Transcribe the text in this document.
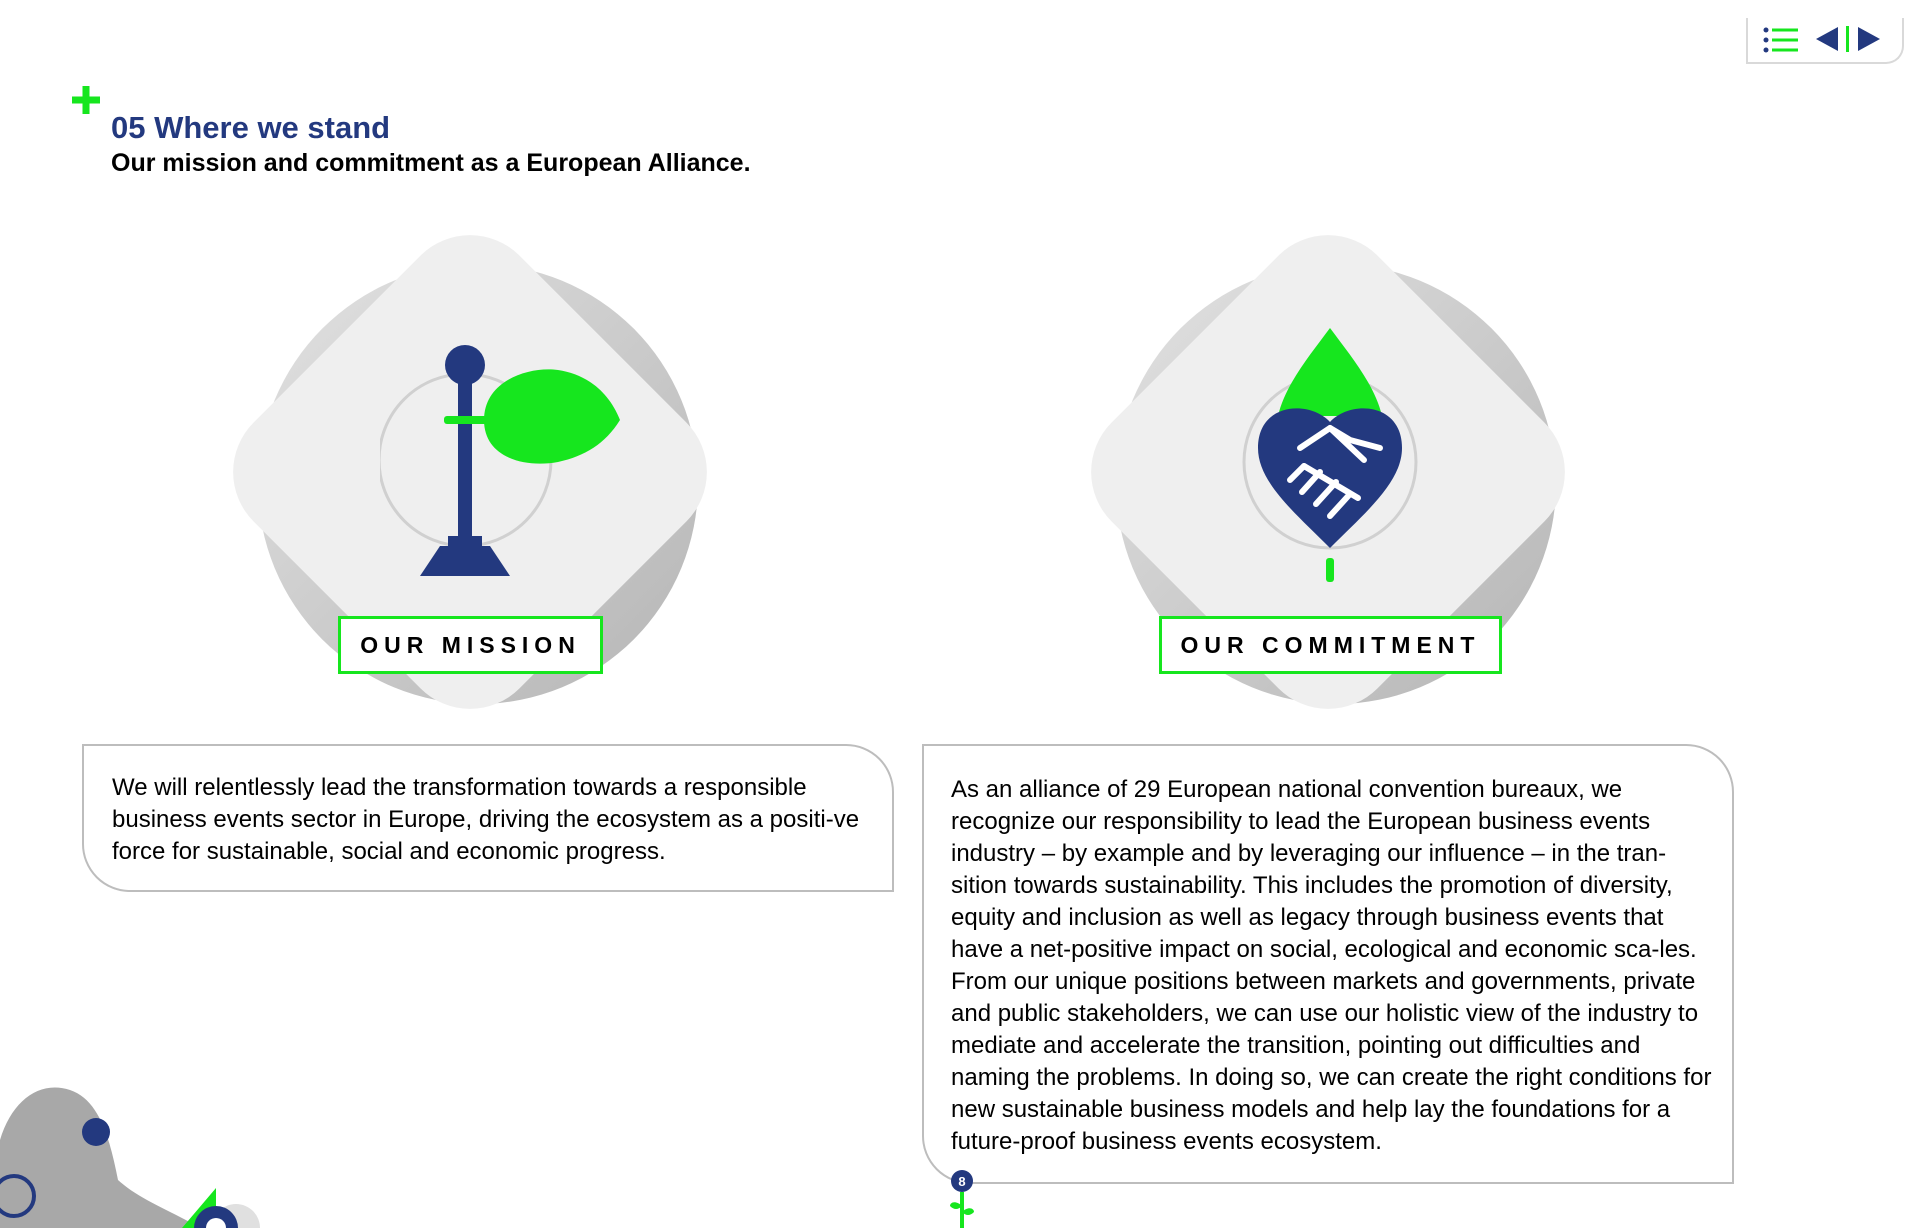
05 Where we stand
Our mission and commitment as a European Alliance.
OUR MISSION

We will relentlessly lead the transformation towards a responsible business events sector in Europe, driving the ecosystem as a positi-ve force for sustainable, social and economic progress.

OUR COMMITMENT

As an alliance of 29 European national convention bureaux, we recognize our responsibility to lead the European business events industry – by example and by leveraging our influence – in the tran-sition towards sustainability. This includes the promotion of diversity, equity and inclusion as well as legacy through business events that have a net-positive impact on social, ecological and economic sca-les. From our unique positions between markets and governments, private and public stakeholders, we can use our holistic view of the industry to mediate and accelerate the transition, pointing out difficulties and naming the problems. In doing so, we can create the right conditions for new sustainable business models and help lay the foundations for a future-proof business events ecosystem.

8
